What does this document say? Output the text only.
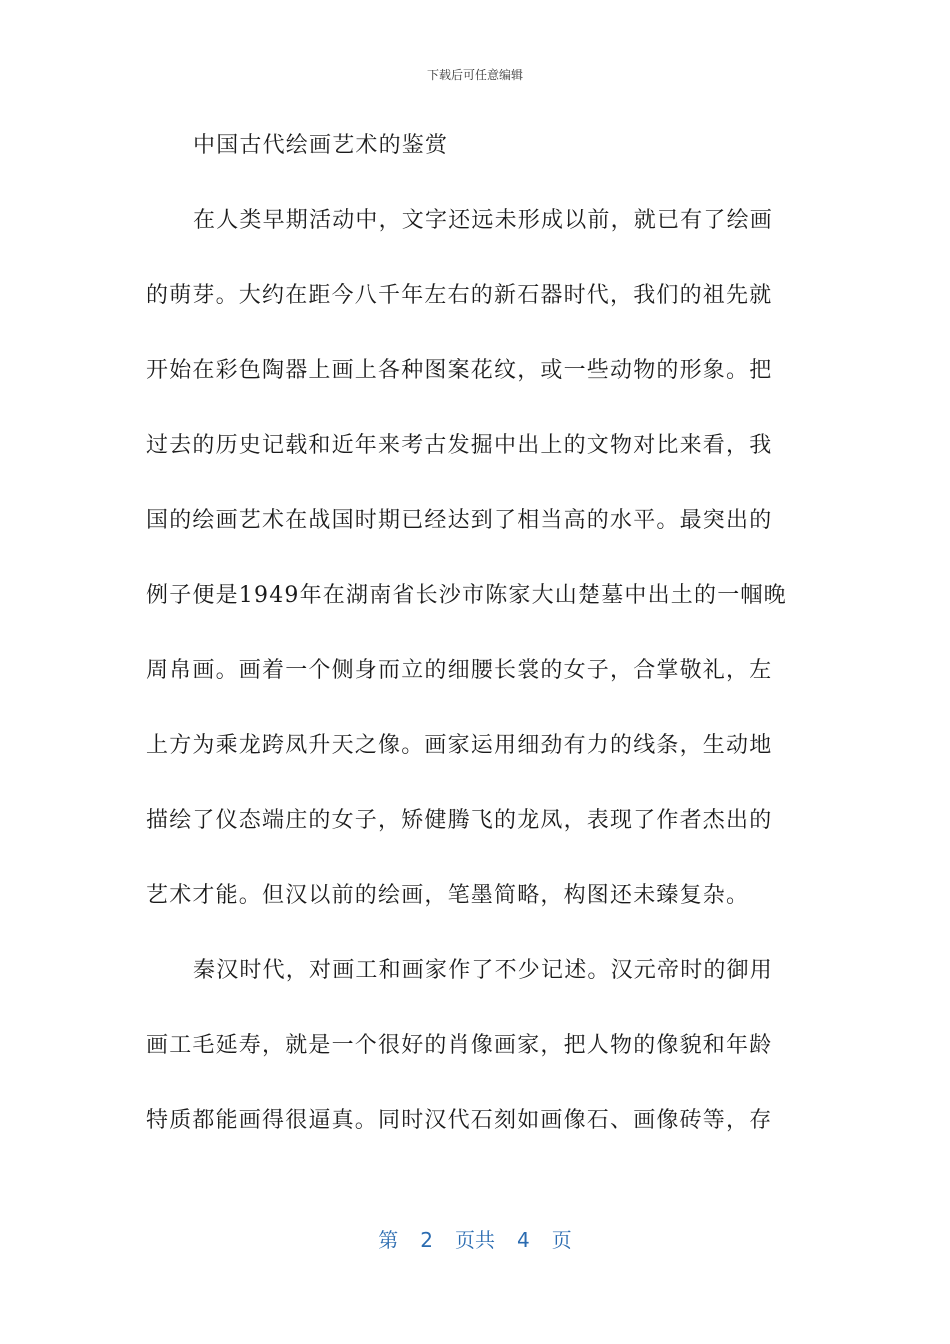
下载后可任意编辑
中国古代绘画艺术的鉴赏
在人类早期活动中，文字还远未形成以前，就已有了绘画
的萌芽。大约在距今八千年左右的新石器时代，我们的祖先就
开始在彩色陶器上画上各种图案花纹，或一些动物的形象。把
过去的历史记载和近年来考古发掘中出上的文物对比来看，我
国的绘画艺术在战国时期已经达到了相当高的水平。最突出的
例子便是1949年在湖南省长沙市陈家大山楚墓中出土的一帼晚
周帛画。画着一个侧身而立的细腰长裳的女子，合掌敬礼，左
上方为乘龙跨凤升天之像。画家运用细劲有力的线条，生动地
描绘了仪态端庄的女子，矫健腾飞的龙凤，表现了作者杰出的
艺术才能。但汉以前的绘画，笔墨简略，构图还未臻复杂。
秦汉时代，对画工和画家作了不少记述。汉元帝时的御用
画工毛延寿，就是一个很好的肖像画家，把人物的像貌和年龄
特质都能画得很逼真。同时汉代石刻如画像石、画像砖等，存
第 2 页共 4 页
